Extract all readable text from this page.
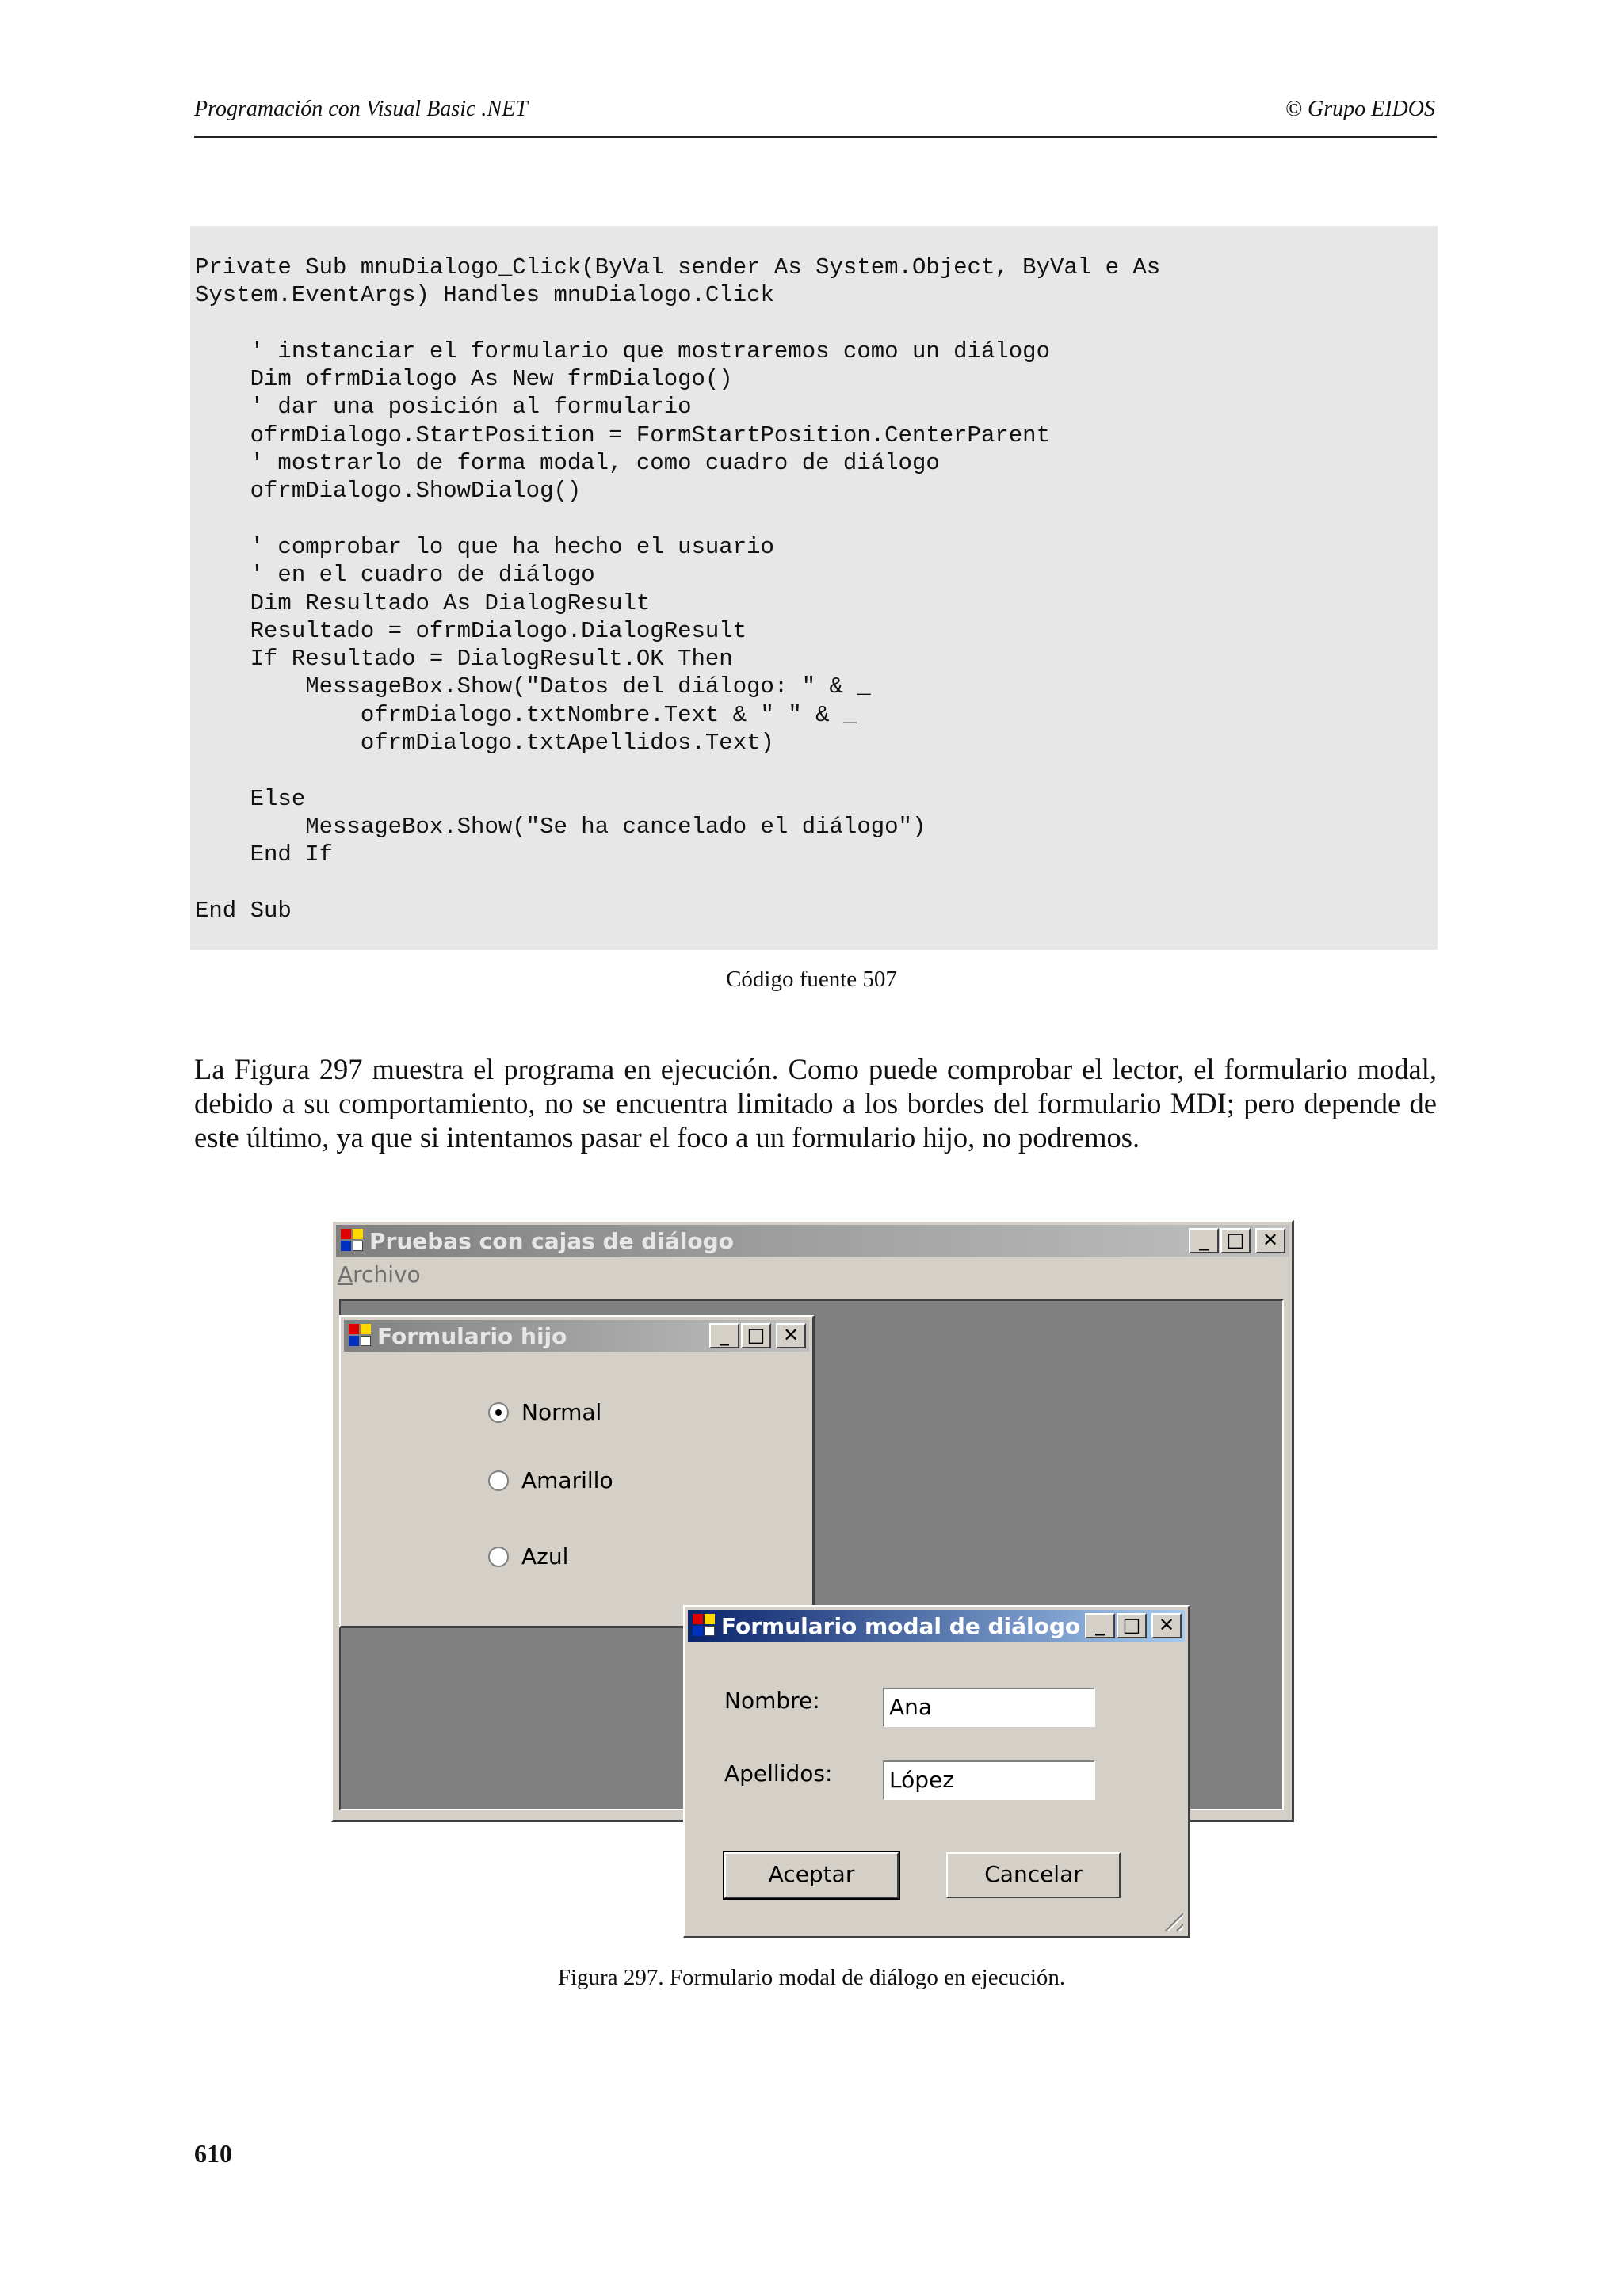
Programación con Visual Basic .NET	© Grupo EIDOS
Private Sub mnuDialogo_Click(ByVal sender As System.Object, ByVal e As
System.EventArgs) Handles mnuDialogo.Click

' instanciar el formulario que mostraremos como un diálogo
Dim ofrmDialogo As New frmDialogo()
' dar una posición al formulario
ofrmDialogo.StartPosition = FormStartPosition.CenterParent
' mostrarlo de forma modal, como cuadro de diálogo
ofrmDialogo.ShowDialog()

' comprobar lo que ha hecho el usuario
' en el cuadro de diálogo
Dim Resultado As DialogResult
Resultado = ofrmDialogo.DialogResult
If Resultado = DialogResult.OK Then
MessageBox.Show("Datos del diálogo: " & _
ofrmDialogo.txtNombre.Text & " " & _
ofrmDialogo.txtApellidos.Text)

Else
MessageBox.Show("Se ha cancelado el diálogo")
End If

End Sub
Código fuente 507

La Figura 297 muestra el programa en ejecución. Como puede comprobar el lector, el formulario modal, debido a su comportamiento, no se encuentra limitado a los bordes del formulario MDI; pero depende de este último, ya que si intentamos pasar el foco a un formulario hijo, no podremos.

Pruebas con cajas de diálogo	_ □ ✕
Archivo
Formulario hijo	_ □ ✕
Normal
Amarillo
Azul
Formulario modal de diálogo _ □ ✕
Nombre:	Ana
Apellidos:	López
Aceptar	Cancelar
Figura 297. Formulario modal de diálogo en ejecución.
610
